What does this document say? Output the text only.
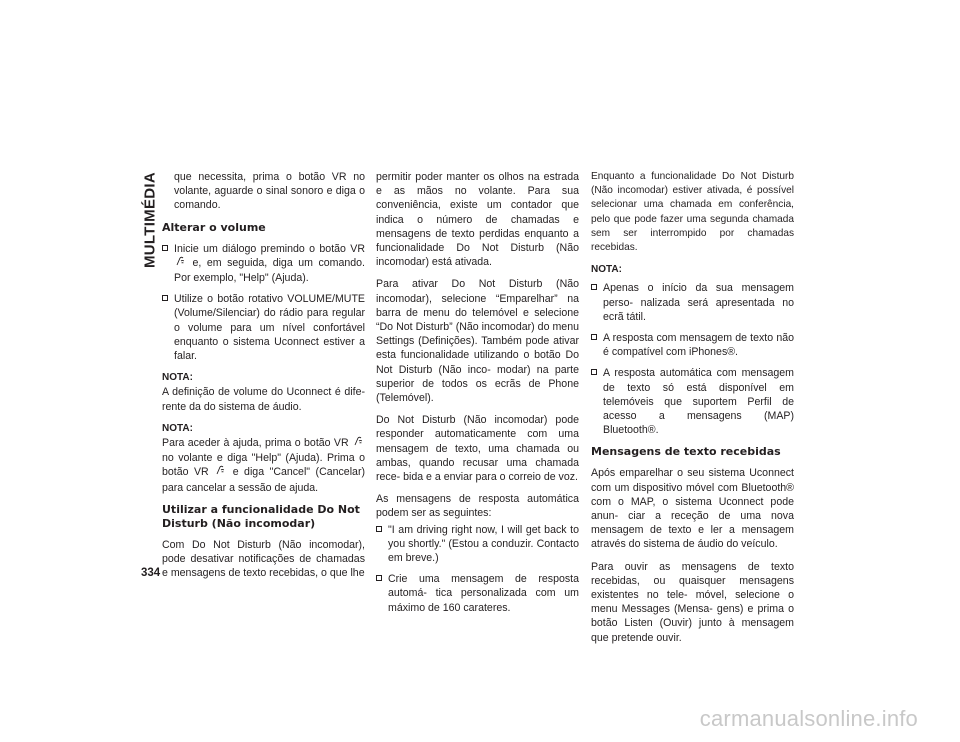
MULTIMÉDIA
334

que necessita, prima o botão VR no volante, aguarde o sinal sonoro e diga o comando.

Alterar o volume
Inicie um diálogo premindo o botão VR  e, em seguida, diga um comando. Por exemplo, "Help" (Ajuda).
Utilize o botão rotativo VOLUME/MUTE (Volume/Silenciar) do rádio para regular o volume para um nível confortável enquanto o sistema Uconnect estiver a falar.

NOTA:

A definição de volume do Uconnect é dife- rente da do sistema de áudio.

NOTA:

Para aceder à ajuda, prima o botão VR  no volante e diga "Help" (Ajuda). Prima o botão VR e diga "Cancel" (Cancelar) para cancelar a sessão de ajuda.

Utilizar a funcionalidade Do Not Disturb (Não incomodar)

Com Do Not Disturb (Não incomodar), pode desativar notificações de chamadas e mensagens de texto recebidas, o que lhe

permitir poder manter os olhos na estrada e as mãos no volante. Para sua conveniência, existe um contador que indica o número de chamadas e mensagens de texto perdidas enquanto a funcionalidade Do Not Disturb (Não incomodar) está ativada.

Para ativar Do Not Disturb (Não incomodar), selecione “Emparelhar” na barra de menu do telemóvel e selecione “Do Not Disturb” (Não incomodar) do menu Settings (Definições). Também pode ativar esta funcionalidade utilizando o botão Do Not Disturb (Não inco- modar) na parte superior de todos os ecrãs de Phone (Telemóvel).

Do Not Disturb (Não incomodar) pode responder automaticamente com uma mensagem de texto, uma chamada ou ambas, quando recusar uma chamada rece- bida e a enviar para o correio de voz.

As mensagens de resposta automática podem ser as seguintes:

"I am driving right now, I will get back to you shortly." (Estou a conduzir. Contacto em breve.)
Crie uma mensagem de resposta automá- tica personalizada com um máximo de 160 carateres.

Enquanto a funcionalidade Do Not Disturb (Não incomodar) estiver ativada, é possível selecionar uma chamada em conferência, pelo que pode fazer uma segunda chamada sem ser interrompido por chamadas recebidas.

NOTA:

Apenas o início da sua mensagem perso- nalizada será apresentada no ecrã tátil.
A resposta com mensagem de texto não é compatível com iPhones®.
A resposta automática com mensagem de texto só está disponível em telemóveis que suportem Perfil de acesso a mensagens (MAP) Bluetooth®.
Mensagens de texto recebidas

Após emparelhar o seu sistema Uconnect com um dispositivo móvel com Bluetooth® com o MAP, o sistema Uconnect pode anun- ciar a receção de uma nova mensagem de texto e ler a mensagem através do sistema de áudio do veículo.

Para ouvir as mensagens de texto recebidas, ou quaisquer mensagens existentes no tele- móvel, selecione o menu Messages (Mensa- gens) e prima o botão Listen (Ouvir) junto à mensagem que pretende ouvir.

carmanualsonline.info
